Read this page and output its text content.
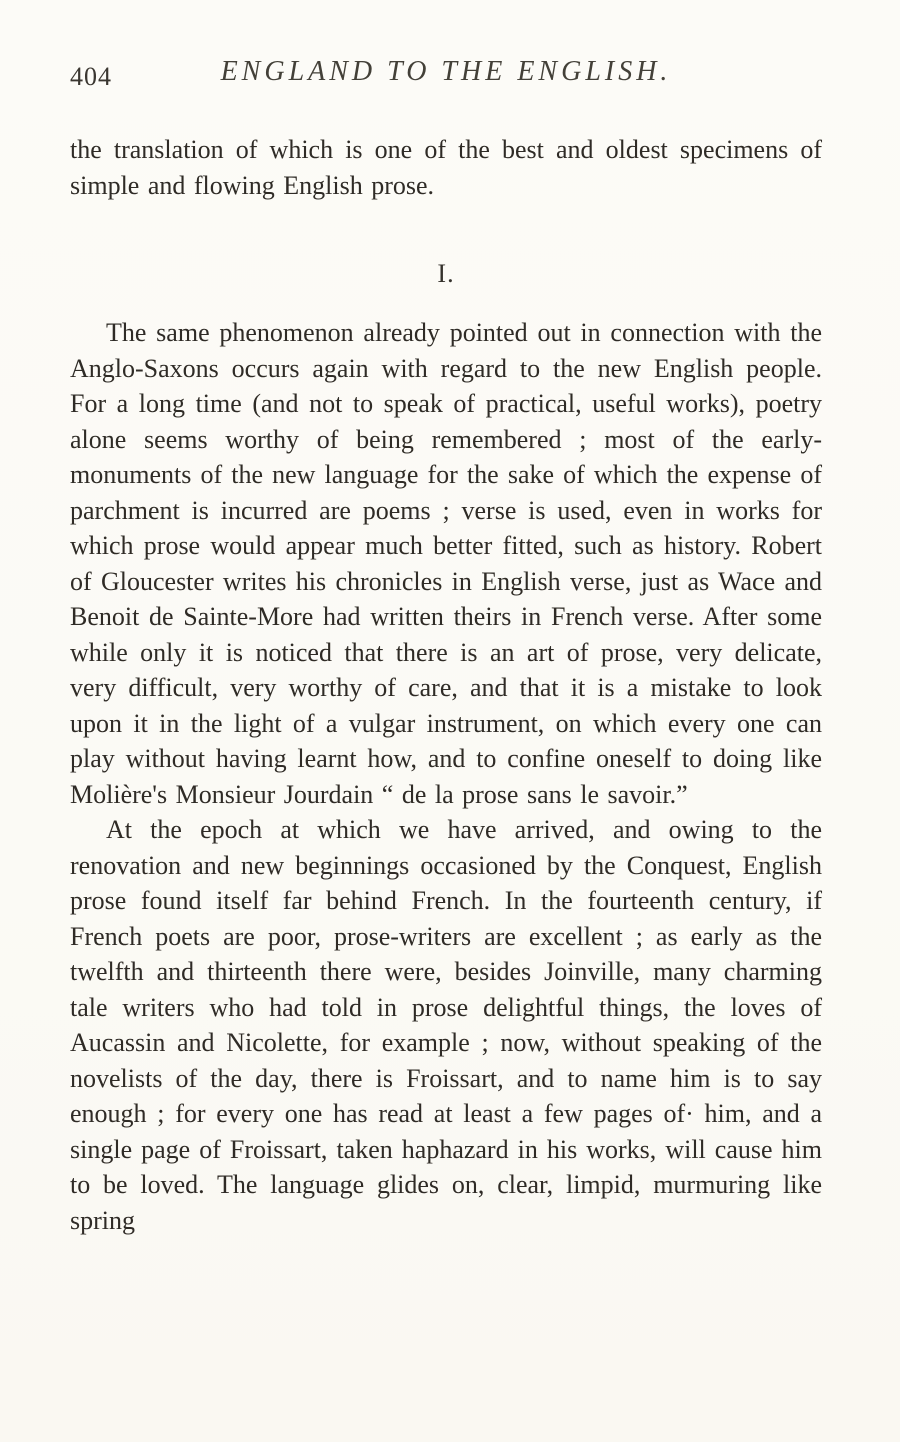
404	ENGLAND TO THE ENGLISH.

the translation of which is one of the best and oldest specimens of simple and flowing English prose.

I.

The same phenomenon already pointed out in connection with the Anglo-Saxons occurs again with regard to the new English people. For a long time (and not to speak of practical, useful works), poetry alone seems worthy of being remembered ; most of the early- monuments of the new language for the sake of which the expense of parchment is incurred are poems ; verse is used, even in works for which prose would appear much better fitted, such as history. Robert of Gloucester writes his chronicles in English verse, just as Wace and Benoit de Sainte-More had written theirs in French verse. After some while only it is noticed that there is an art of prose, very delicate, very difficult, very worthy of care, and that it is a mistake to look upon it in the light of a vulgar instrument, on which every one can play without having learnt how, and to confine oneself to doing like Molière's Monsieur Jourdain “ de la prose sans le savoir.”

At the epoch at which we have arrived, and owing to the renovation and new beginnings occasioned by the Conquest, English prose found itself far behind French. In the fourteenth century, if French poets are poor, prose-writers are excellent ; as early as the twelfth and thirteenth there were, besides Joinville, many charming tale writers who had told in prose delightful things, the loves of Aucassin and Nicolette, for example ; now, without speaking of the novelists of the day, there is Froissart, and to name him is to say enough ; for every one has read at least a few pages of· him, and a single page of Froissart, taken haphazard in his works, will cause him to be loved. The language glides on, clear, limpid, murmuring like spring
